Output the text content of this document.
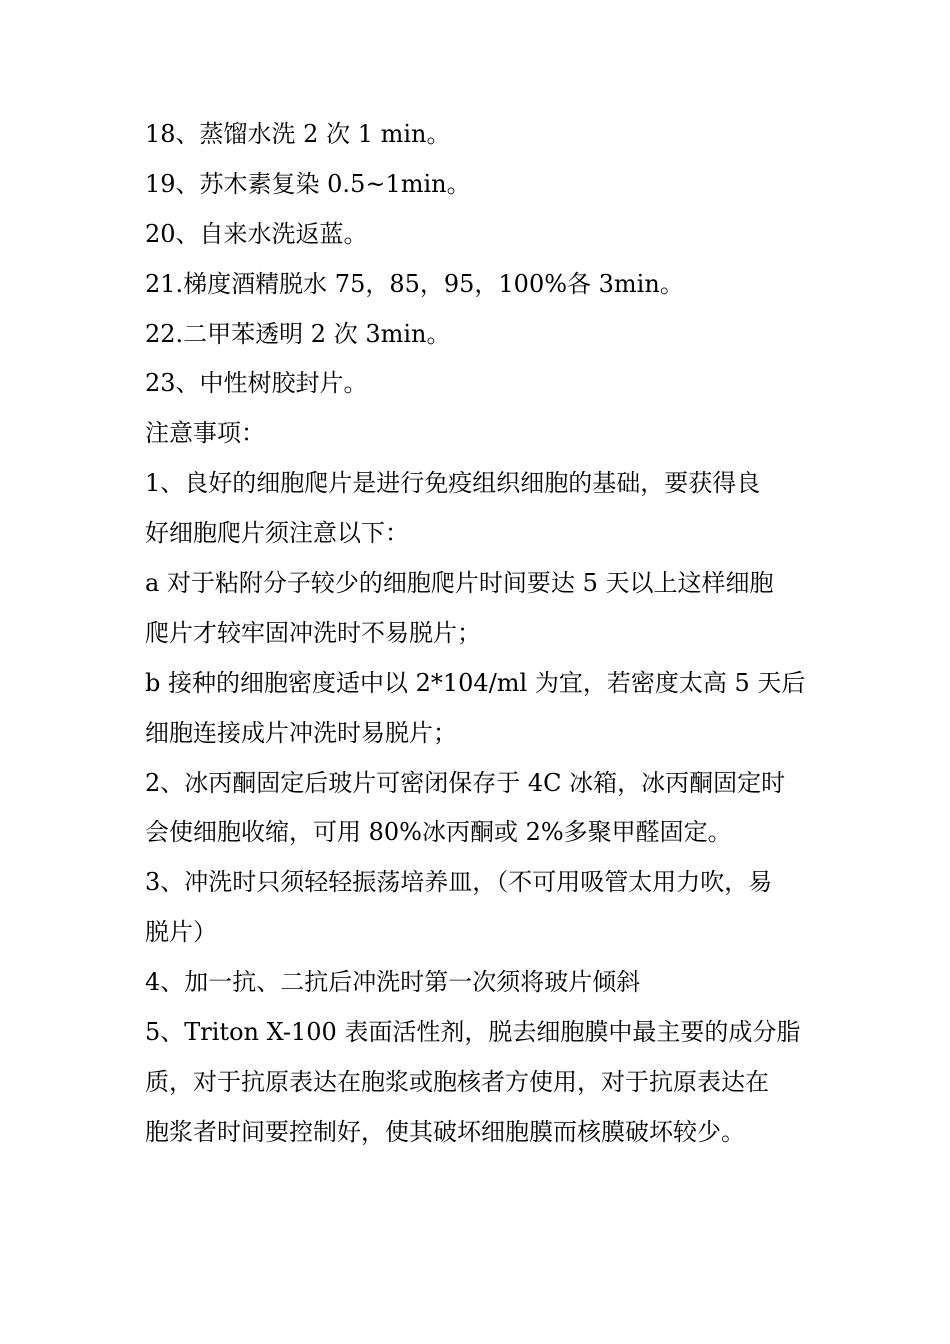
18、蒸馏水洗 2 次 1 min。
19、苏木素复染 0.5~1min。
20、自来水洗返蓝。
21.梯度酒精脱水 75，85，95，100%各 3min。
22.二甲苯透明 2 次 3min。
23、中性树胶封片。
注意事项：
1、良好的细胞爬片是进行免疫组织细胞的基础，要获得良
好细胞爬片须注意以下：
a 对于粘附分子较少的细胞爬片时间要达 5 天以上这样细胞
爬片才较牢固冲洗时不易脱片；
b 接种的细胞密度适中以 2*104/ml 为宜，若密度太高 5 天后
细胞连接成片冲洗时易脱片；
2、冰丙酮固定后玻片可密闭保存于 4C 冰箱，冰丙酮固定时
会使细胞收缩，可用 80%冰丙酮或 2%多聚甲醛固定。
3、冲洗时只须轻轻振荡培养皿，（不可用吸管太用力吹，易
脱片）
4、加一抗、二抗后冲洗时第一次须将玻片倾斜
5、Triton X-100 表面活性剂，脱去细胞膜中最主要的成分脂
质，对于抗原表达在胞浆或胞核者方使用，对于抗原表达在
胞浆者时间要控制好，使其破坏细胞膜而核膜破坏较少。
